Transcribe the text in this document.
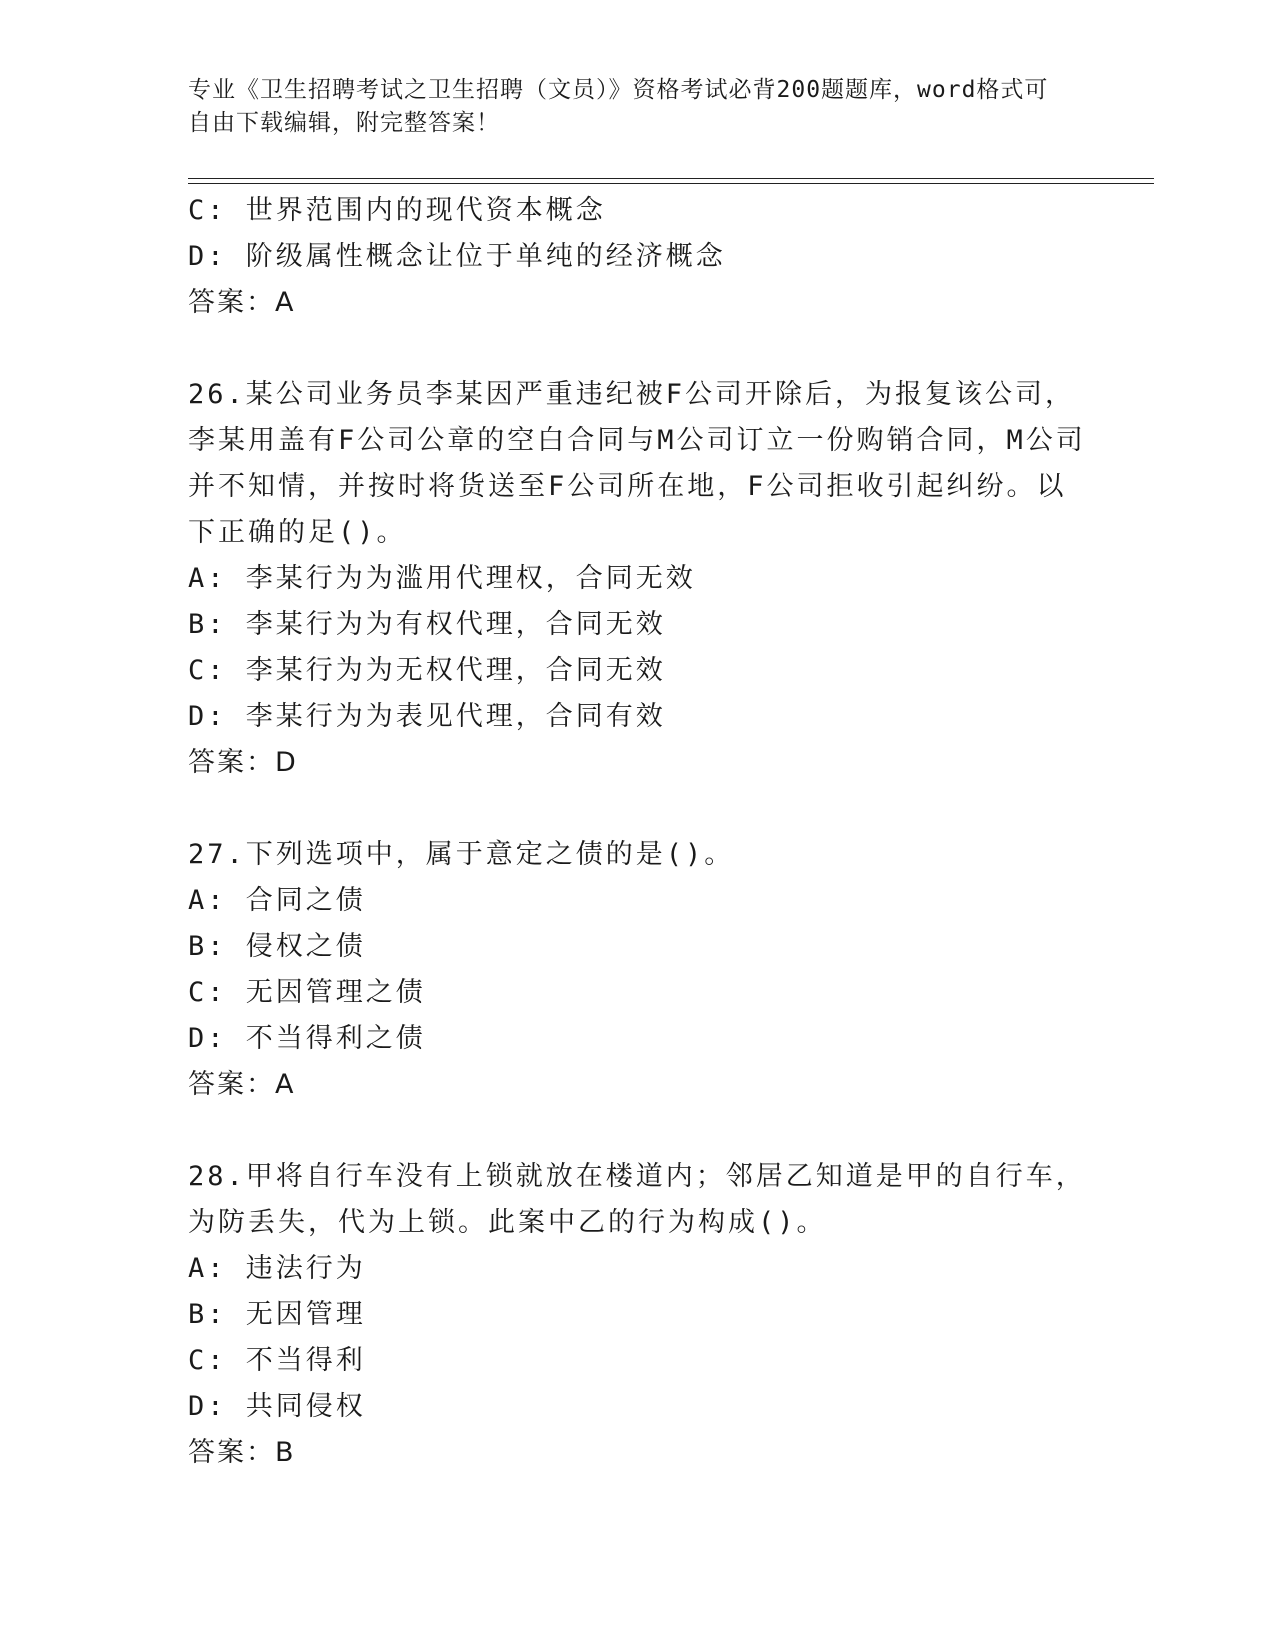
专业《卫生招聘考试之卫生招聘（文员）》资格考试必背200题题库，word格式可自由下载编辑，附完整答案！

C: 世界范围内的现代资本概念

D: 阶级属性概念让位于单纯的经济概念

答案：A

26.某公司业务员李某因严重违纪被F公司开除后，为报复该公司，李某用盖有F公司公章的空白合同与M公司订立一份购销合同，M公司并不知情，并按时将货送至F公司所在地，F公司拒收引起纠纷。以下正确的足()。

A: 李某行为为滥用代理权，合同无效

B: 李某行为为有权代理，合同无效

C: 李某行为为无权代理，合同无效

D: 李某行为为表见代理，合同有效

答案：D

27.下列选项中，属于意定之债的是()。

A: 合同之债

B: 侵权之债

C: 无因管理之债

D: 不当得利之债

答案：A

28.甲将自行车没有上锁就放在楼道内；邻居乙知道是甲的自行车，为防丢失，代为上锁。此案中乙的行为构成()。

A: 违法行为

B: 无因管理

C: 不当得利

D: 共同侵权

答案：B
